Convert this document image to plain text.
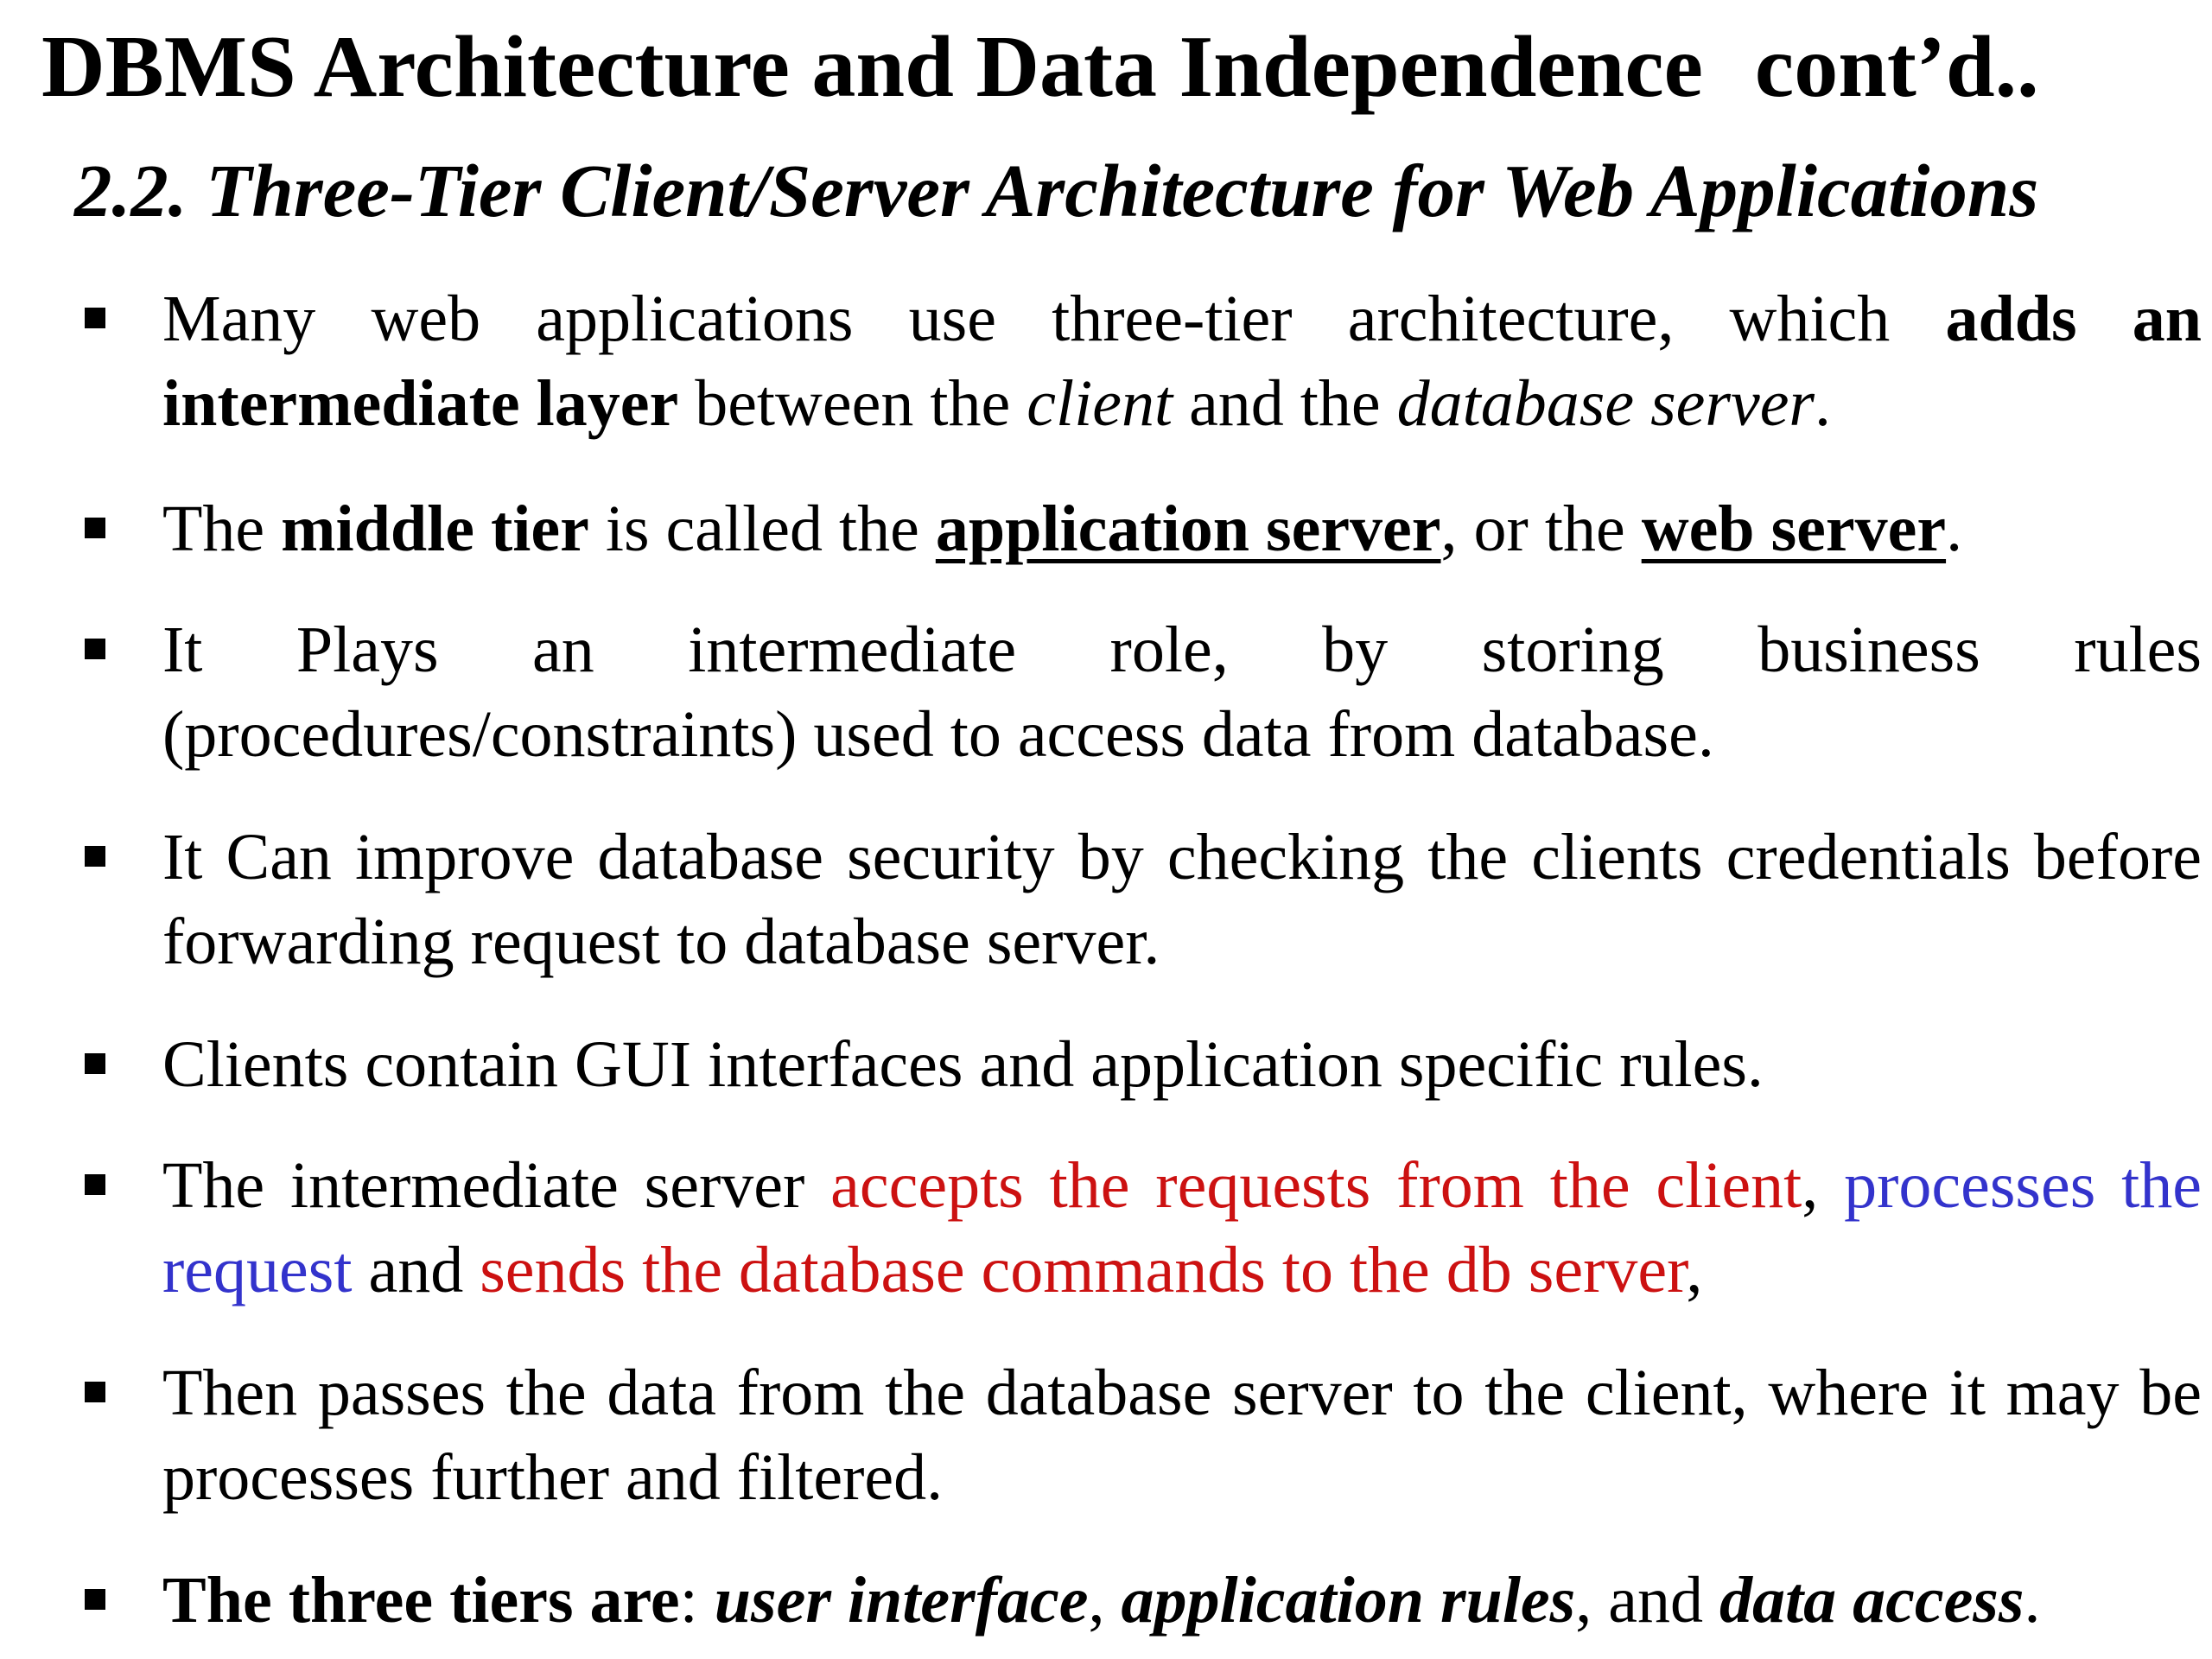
DBMS Architecture and Data Independence cont’d..
2.2. Three-Tier Client/Server Architecture for Web Applications
Many web applications use three-tier architecture, which adds an intermediate layer between the client and the database server.
The middle tier is called the application server, or the web server.
It Plays an intermediate role, by storing business rules (procedures/constraints) used to access data from database.
It Can improve database security by checking the clients credentials before forwarding request to database server.
Clients contain GUI interfaces and application specific rules.
The intermediate server accepts the requests from the client, processes the request and sends the database commands to the db server,
Then passes the data from the database server to the client, where it may be processes further and filtered.
The three tiers are: user interface, application rules, and data access.
